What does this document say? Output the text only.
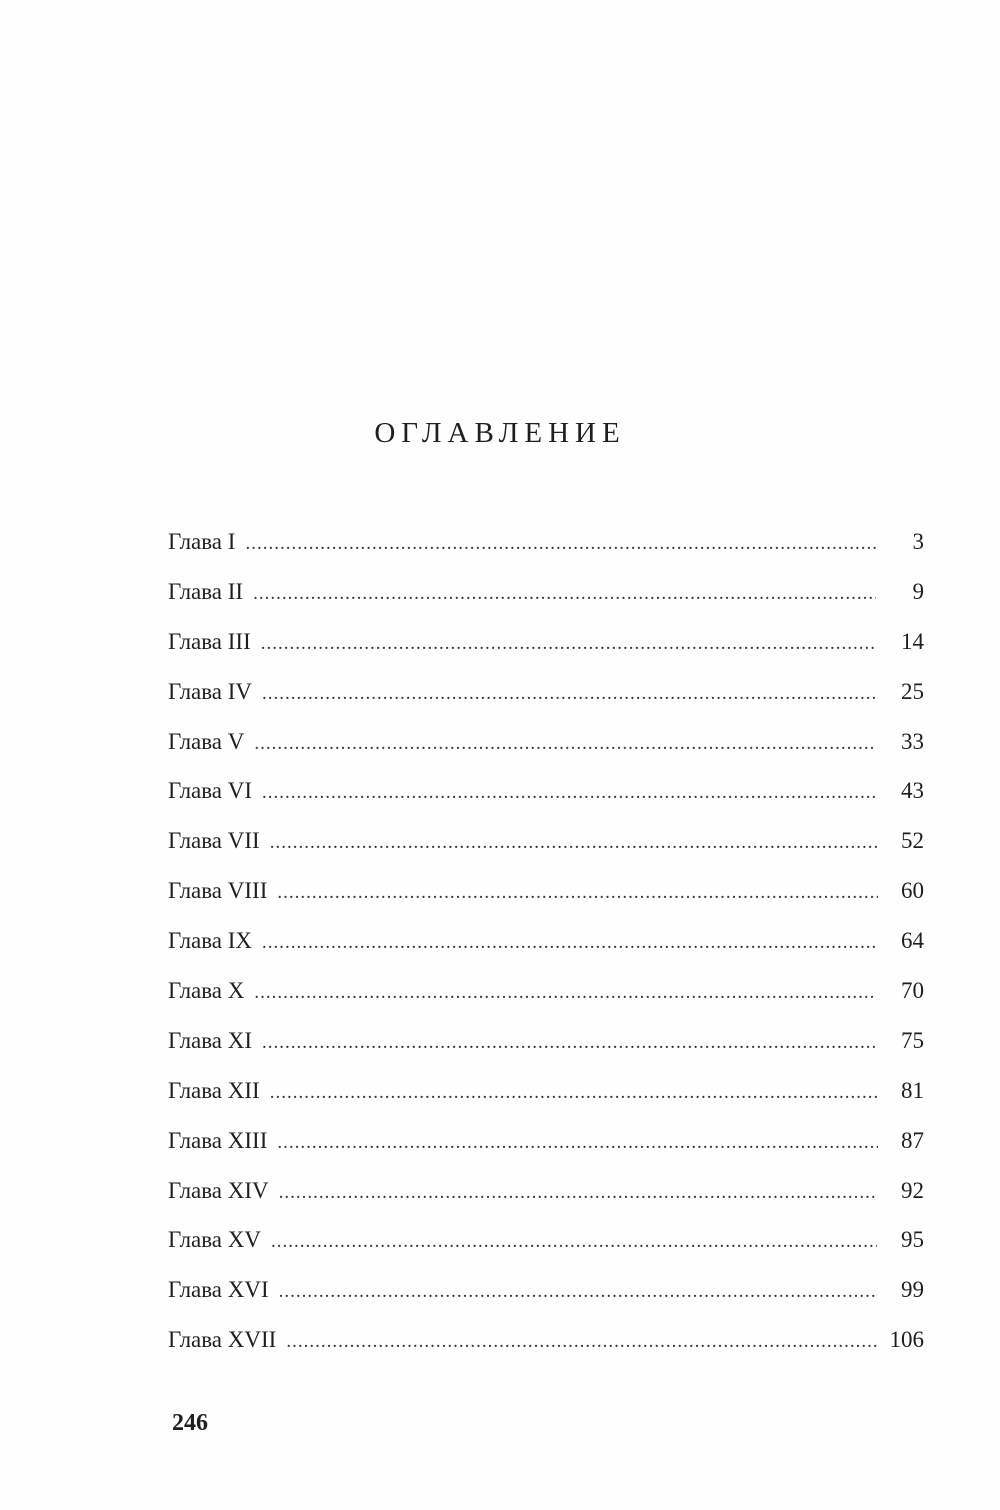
ОГЛАВЛЕНИЕ
Глава I .....	3
Глава II .....	9
Глава III .....	14
Глава IV .....	25
Глава V .....	33
Глава VI .....	43
Глава VII .....	52
Глава VIII .....	60
Глава IX .....	64
Глава X .....	70
Глава XI .....	75
Глава XII .....	81
Глава XIII .....	87
Глава XIV .....	92
Глава XV .....	95
Глава XVI .....	99
Глава XVII .....	106
246
